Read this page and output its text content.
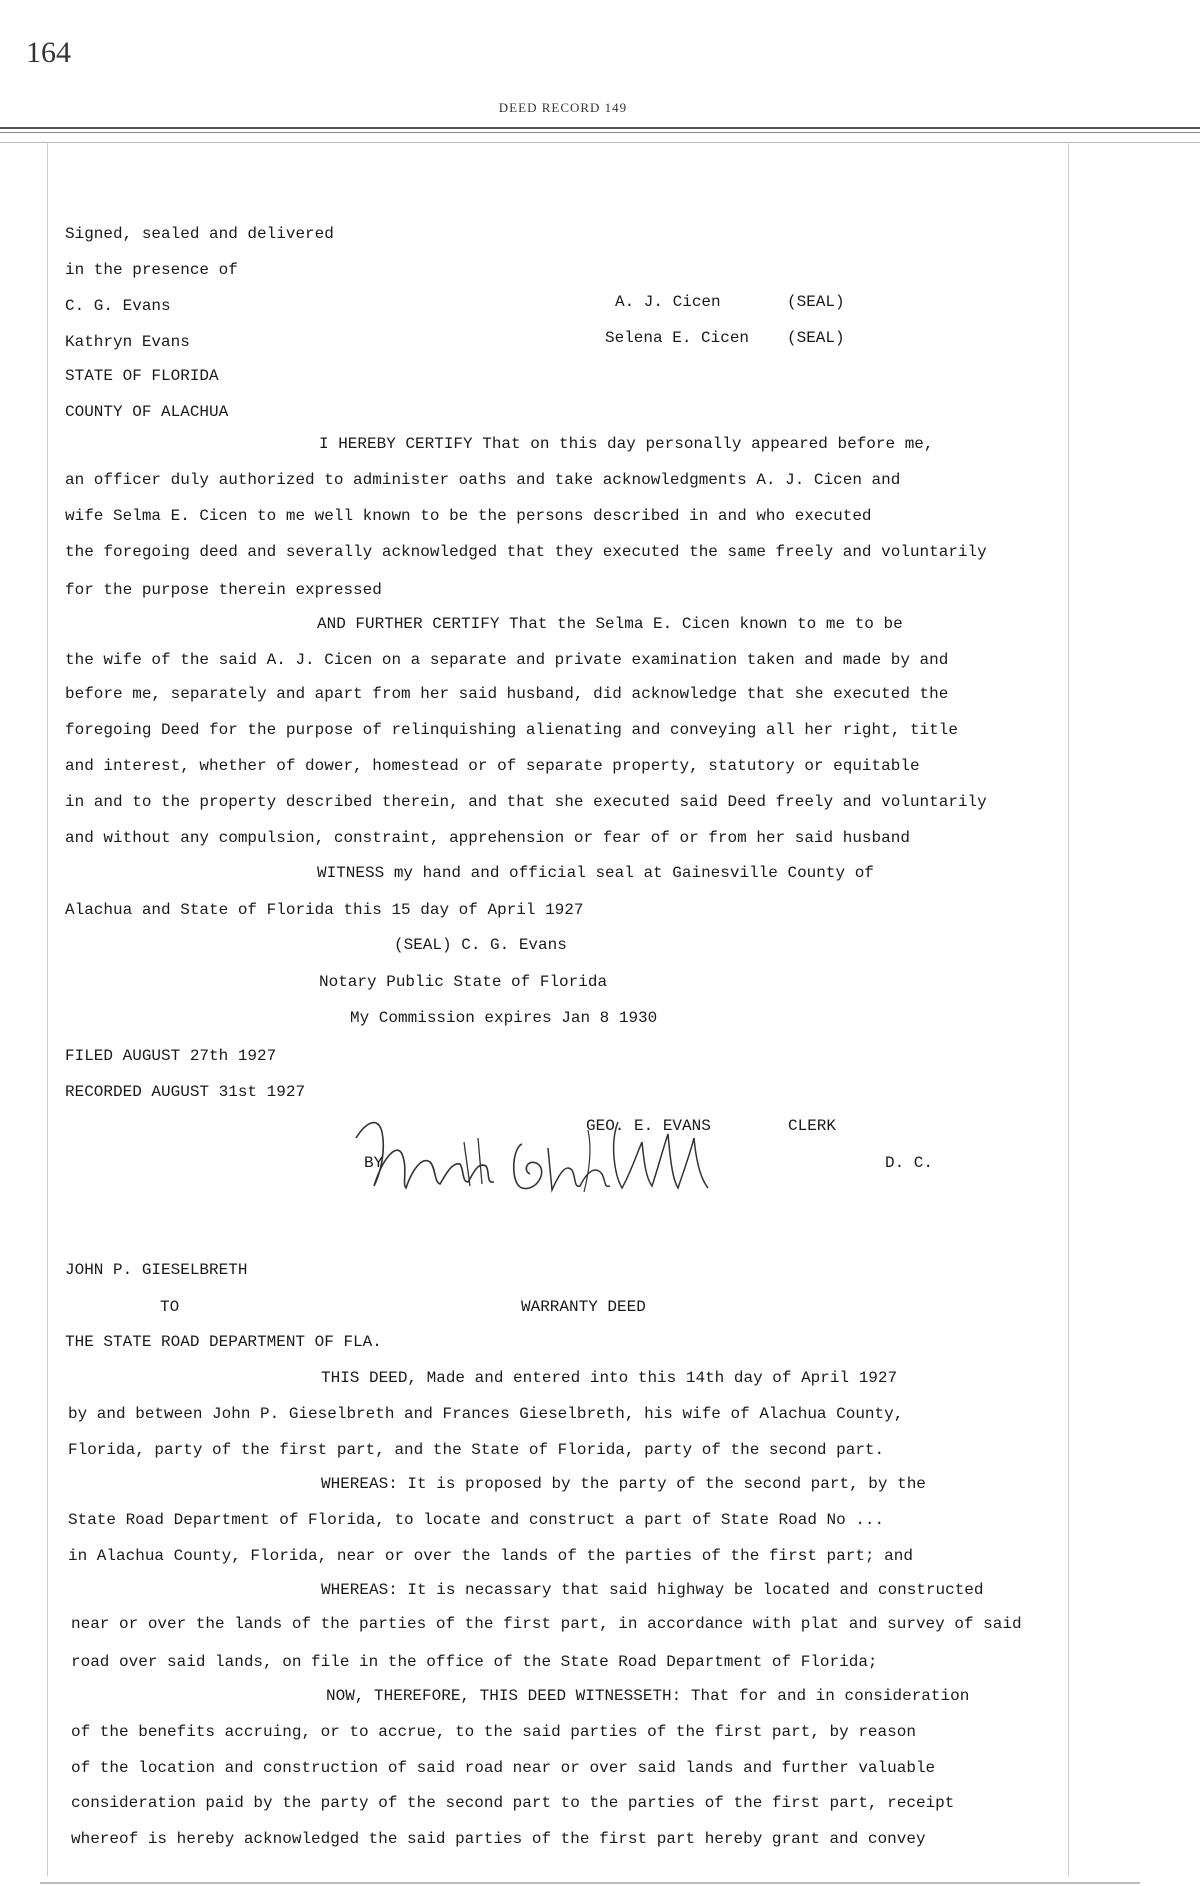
164
DEED RECORD 149
Signed, sealed and delivered
in the presence of
C. G. Evans	A. J. Cicen	(SEAL)
Kathryn Evans	Selena E. Cicen (SEAL)
STATE OF FLORIDA
COUNTY OF ALACHUA
I HEREBY CERTIFY That on this day personally appeared before me,
an officer duly authorized to administer oaths and take acknowledgments A. J. Cicen and
wife Selma E. Cicen to me well known to be the persons described in and who executed
the foregoing deed and severally acknowledged that they executed the same freely and voluntarily
for the purpose therein expressed
AND FURTHER CERTIFY That the Selma E. Cicen known to me to be
the wife of the said A. J. Cicen on a separate and private examination taken and made by and
before me, separately and apart from her said husband, did acknowledge that she executed the
foregoing Deed for the purpose of relinquishing alienating and conveying all her right, title
and interest, whether of dower, homestead or of separate property, statutory or equitable
in and to the property described therein, and that she executed said Deed freely and voluntarily
and without any compulsion, constraint, apprehension or fear of or from her said husband
WITNESS my hand and official seal at Gainesville County of
Alachua and State of Florida this 15 day of April 1927
(SEAL) C. G. Evans
Notary Public State of Florida
My Commission expires Jan 8 1930
FILED AUGUST 27th 1927
RECORDED AUGUST 31st 1927
GEO. E. EVANS	CLERK
BY	D. C.
JOHN P. GIESELBRETH
TO	WARRANTY DEED
THE STATE ROAD DEPARTMENT OF FLA.
THIS DEED, Made and entered into this 14th day of April 1927
by and between John P. Gieselbreth and Frances Gieselbreth, his wife of Alachua County,
Florida, party of the first part, and the State of Florida, party of the second part.
WHEREAS: It is proposed by the party of the second part, by the
State Road Department of Florida, to locate and construct a part of State Road No ...
in Alachua County, Florida, near or over the lands of the parties of the first part; and
WHEREAS: It is necassary that said highway be located and constructed
near or over the lands of the parties of the first part, in accordance with plat and survey of said
road over said lands, on file in the office of the State Road Department of Florida;
NOW, THEREFORE, THIS DEED WITNESSETH: That for and in consideration
of the benefits accruing, or to accrue, to the said parties of the first part, by reason
of the location and construction of said road near or over said lands and further valuable
consideration paid by the party of the second part to the parties of the first part, receipt
whereof is hereby acknowledged the said parties of the first part hereby grant and convey
